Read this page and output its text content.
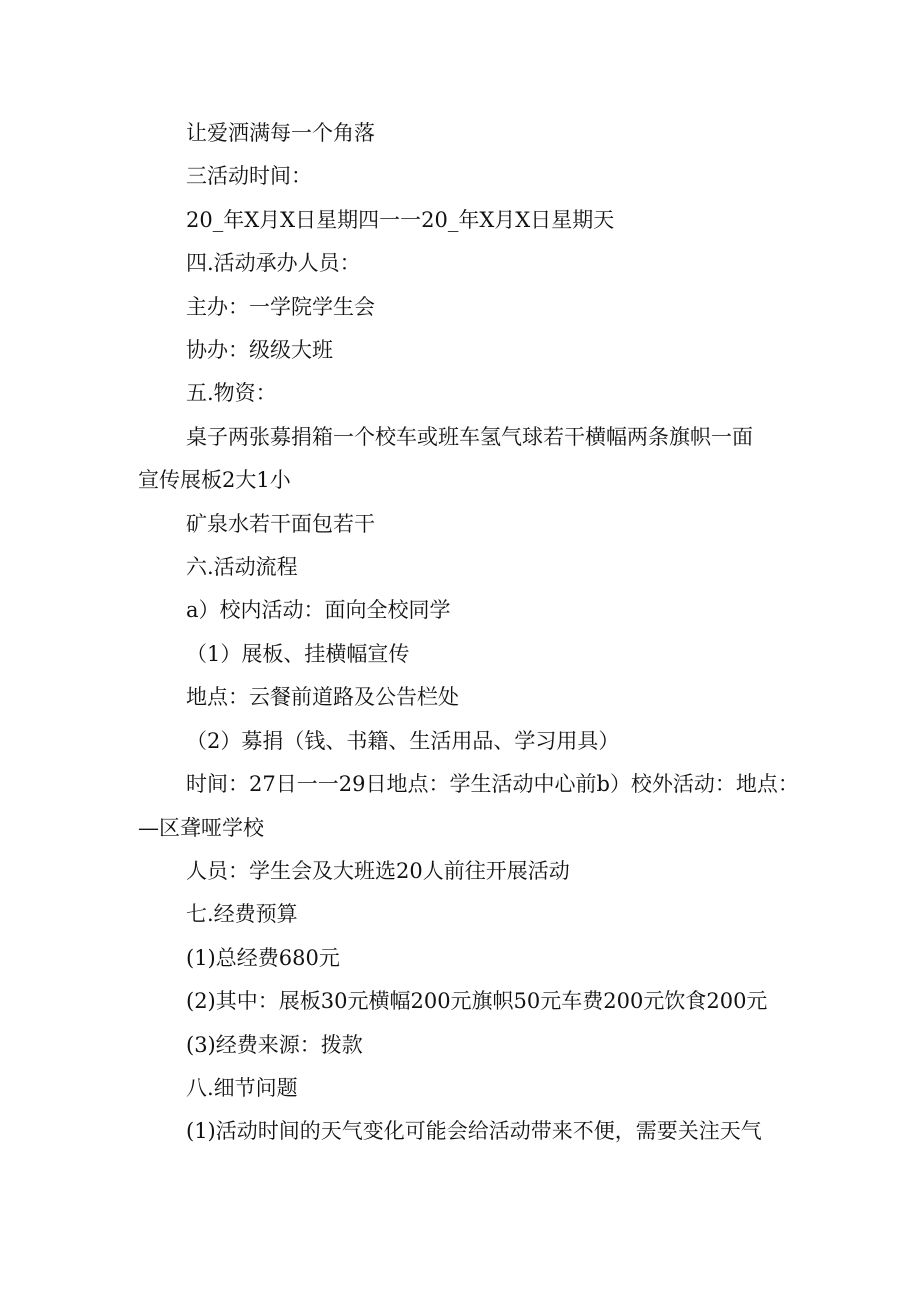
让爱洒满每一个角落

三活动时间：

20_年X月X日星期四一一20_年X月X日星期天

四.活动承办人员：

主办：一学院学生会

协办：级级大班

五.物资：

桌子两张募捐箱一个校车或班车氢气球若干横幅两条旗帜一面

宣传展板2大1小

矿泉水若干面包若干

六.活动流程

a）校内活动：面向全校同学

（1）展板、挂横幅宣传

地点：云餐前道路及公告栏处

（2）募捐（钱、书籍、生活用品、学习用具）

时间：27日一一29日地点：学生活动中心前b）校外活动：地点：

—区聋哑学校

人员：学生会及大班选20人前往开展活动

七.经费预算

(1)总经费680元

(2)其中：展板30元横幅200元旗帜50元车费200元饮食200元

(3)经费来源：拨款

八.细节问题

(1)活动时间的天气变化可能会给活动带来不便，需要关注天气
